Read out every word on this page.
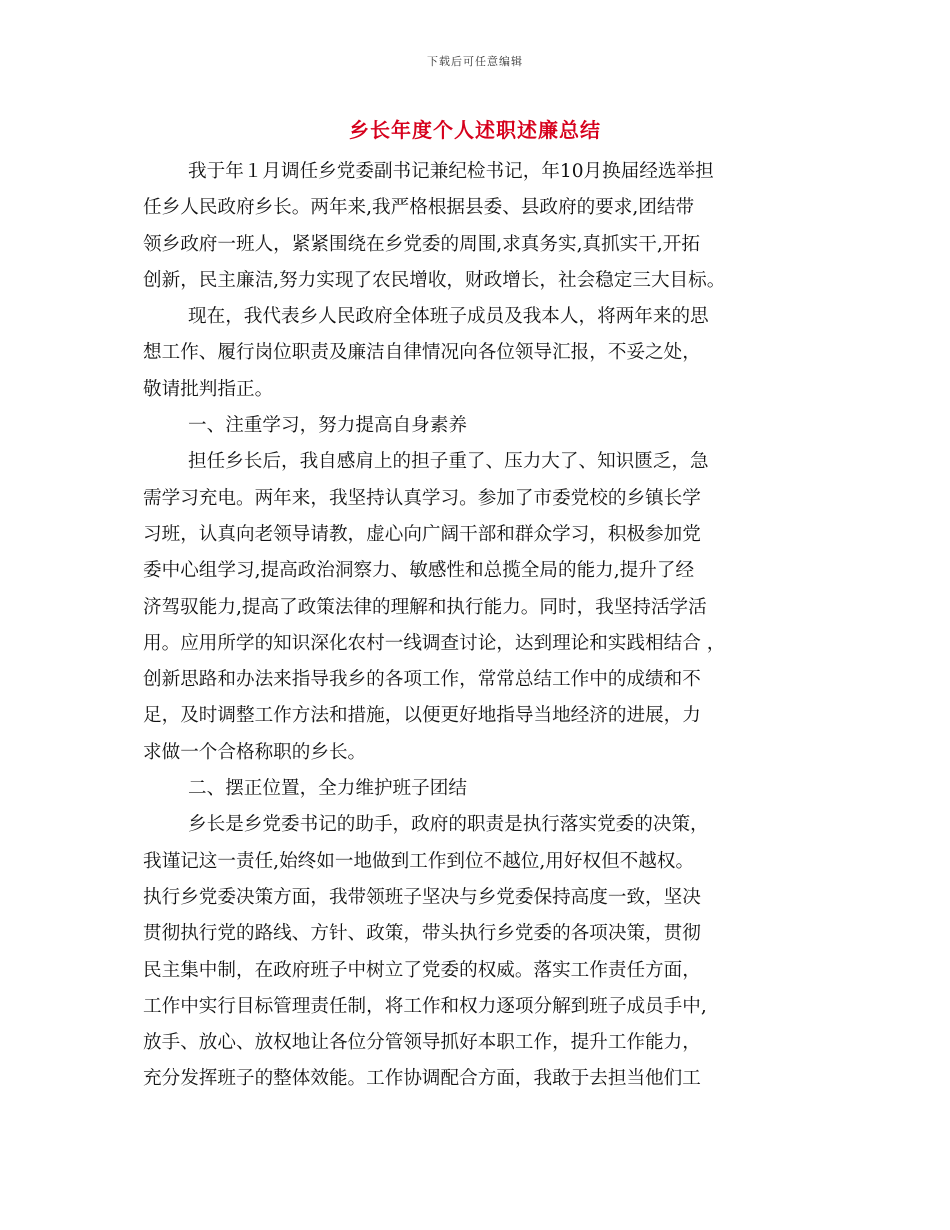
下载后可任意编辑
乡长年度个人述职述廉总结
我于年１月调任乡党委副书记兼纪检书记，年10月换届经选举担
任乡人民政府乡长。两年来,我严格根据县委、县政府的要求,团结带
领乡政府一班人，紧紧围绕在乡党委的周围,求真务实,真抓实干,开拓
创新，民主廉洁,努力实现了农民增收，财政增长，社会稳定三大目标。
现在，我代表乡人民政府全体班子成员及我本人，将两年来的思
想工作、履行岗位职责及廉洁自律情况向各位领导汇报，不妥之处，
敬请批判指正。
一、注重学习，努力提高自身素养
担任乡长后，我自感肩上的担子重了、压力大了、知识匮乏，急
需学习充电。两年来，我坚持认真学习。参加了市委党校的乡镇长学
习班，认真向老领导请教，虚心向广阔干部和群众学习，积极参加党
委中心组学习,提高政治洞察力、敏感性和总揽全局的能力,提升了经
济驾驭能力,提高了政策法律的理解和执行能力。同时，我坚持活学活
用。应用所学的知识深化农村一线调查讨论，达到理论和实践相结合 ，
创新思路和办法来指导我乡的各项工作，常常总结工作中的成绩和不
足，及时调整工作方法和措施，以便更好地指导当地经济的进展，力
求做一个合格称职的乡长。
二、摆正位置，全力维护班子团结
乡长是乡党委书记的助手，政府的职责是执行落实党委的决策，
我谨记这一责任,始终如一地做到工作到位不越位,用好权但不越权。
执行乡党委决策方面，我带领班子坚决与乡党委保持高度一致，坚决
贯彻执行党的路线、方针、政策，带头执行乡党委的各项决策，贯彻
民主集中制，在政府班子中树立了党委的权威。落实工作责任方面，
工作中实行目标管理责任制，将工作和权力逐项分解到班子成员手中,
放手、放心、放权地让各位分管领导抓好本职工作，提升工作能力，
充分发挥班子的整体效能。工作协调配合方面，我敢于去担当他们工
